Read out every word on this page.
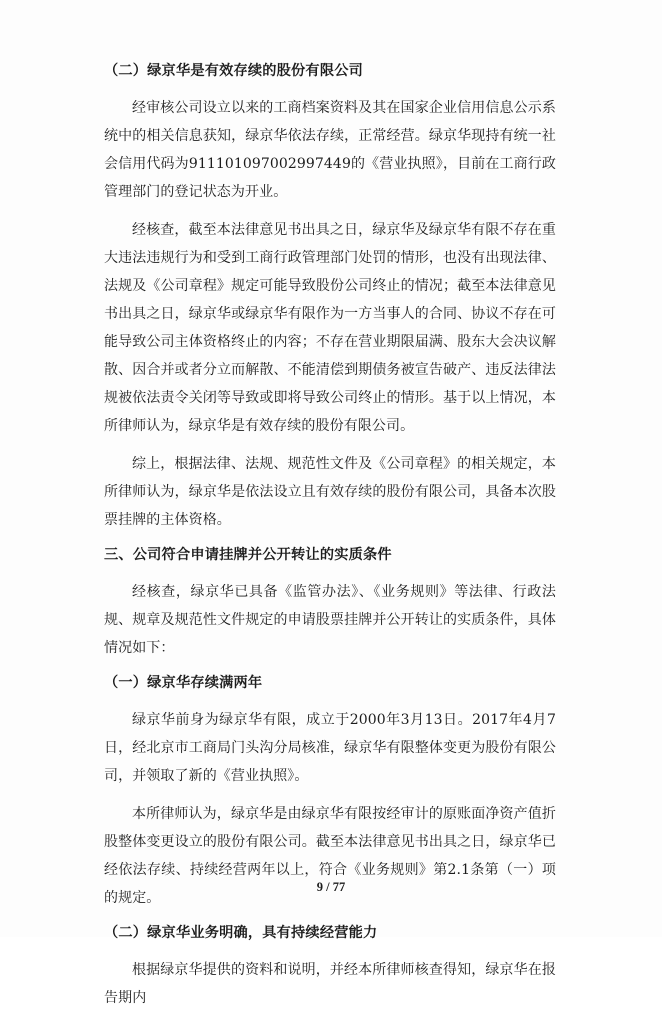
（二）绿京华是有效存续的股份有限公司
经审核公司设立以来的工商档案资料及其在国家企业信用信息公示系统中的相关信息获知，绿京华依法存续，正常经营。绿京华现持有统一社会信用代码为911101097002997449的《营业执照》，目前在工商行政管理部门的登记状态为开业。
经核查，截至本法律意见书出具之日，绿京华及绿京华有限不存在重大违法违规行为和受到工商行政管理部门处罚的情形，也没有出现法律、法规及《公司章程》规定可能导致股份公司终止的情况；截至本法律意见书出具之日，绿京华或绿京华有限作为一方当事人的合同、协议不存在可能导致公司主体资格终止的内容；不存在营业期限届满、股东大会决议解散、因合并或者分立而解散、不能清偿到期债务被宣告破产、违反法律法规被依法责令关闭等导致或即将导致公司终止的情形。基于以上情况，本所律师认为，绿京华是有效存续的股份有限公司。
综上，根据法律、法规、规范性文件及《公司章程》的相关规定，本所律师认为，绿京华是依法设立且有效存续的股份有限公司，具备本次股票挂牌的主体资格。
三、公司符合申请挂牌并公开转让的实质条件
经核查，绿京华已具备《监管办法》、《业务规则》等法律、行政法规、规章及规范性文件规定的申请股票挂牌并公开转让的实质条件，具体情况如下：
（一）绿京华存续满两年
绿京华前身为绿京华有限，成立于2000年3月13日。2017年4月7日，经北京市工商局门头沟分局核准，绿京华有限整体变更为股份有限公司，并领取了新的《营业执照》。
本所律师认为，绿京华是由绿京华有限按经审计的原账面净资产值折股整体变更设立的股份有限公司。截至本法律意见书出具之日，绿京华已经依法存续、持续经营两年以上，符合《业务规则》第2.1条第（一）项的规定。
（二）绿京华业务明确，具有持续经营能力
根据绿京华提供的资料和说明，并经本所律师核查得知，绿京华在报告期内
9 / 77
